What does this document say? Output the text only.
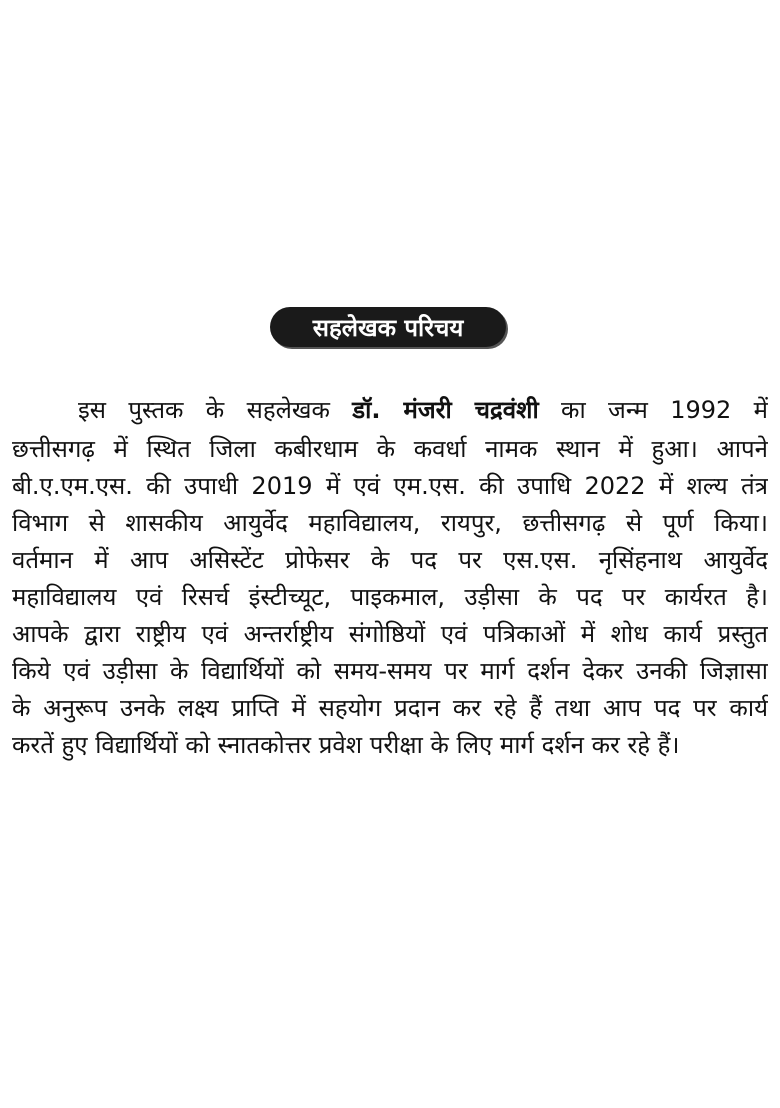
सहलेखक परिचय
इस पुस्तक के सहलेखक डॉ. मंजरी चद्रवंशी का जन्म 1992 में
छत्तीसगढ़ में स्थित जिला कबीरधाम के कवर्धा नामक स्थान में हुआ। आपने
बी.ए.एम.एस. की उपाधी 2019 में एवं एम.एस. की उपाधि 2022 में शल्य तंत्र
विभाग से शासकीय आयुर्वेद महाविद्यालय, रायपुर, छत्तीसगढ़ से पूर्ण किया।
वर्तमान में आप असिस्टेंट प्रोफेसर के पद पर एस.एस. नृसिंहनाथ आयुर्वेद
महाविद्यालय एवं रिसर्च इंस्टीच्यूट, पाइकमाल, उड़ीसा के पद पर कार्यरत है।
आपके द्वारा राष्ट्रीय एवं अन्तर्राष्ट्रीय संगोष्ठियों एवं पत्रिकाओं में शोध कार्य प्रस्तुत
किये एवं उड़ीसा के विद्यार्थियों को समय-समय पर मार्ग दर्शन देकर उनकी जिज्ञासा
के अनुरूप उनके लक्ष्य प्राप्ति में सहयोग प्रदान कर रहे हैं तथा आप पद पर कार्य
करतें हुए विद्यार्थियों को स्नातकोत्तर प्रवेश परीक्षा के लिए मार्ग दर्शन कर रहे हैं।
